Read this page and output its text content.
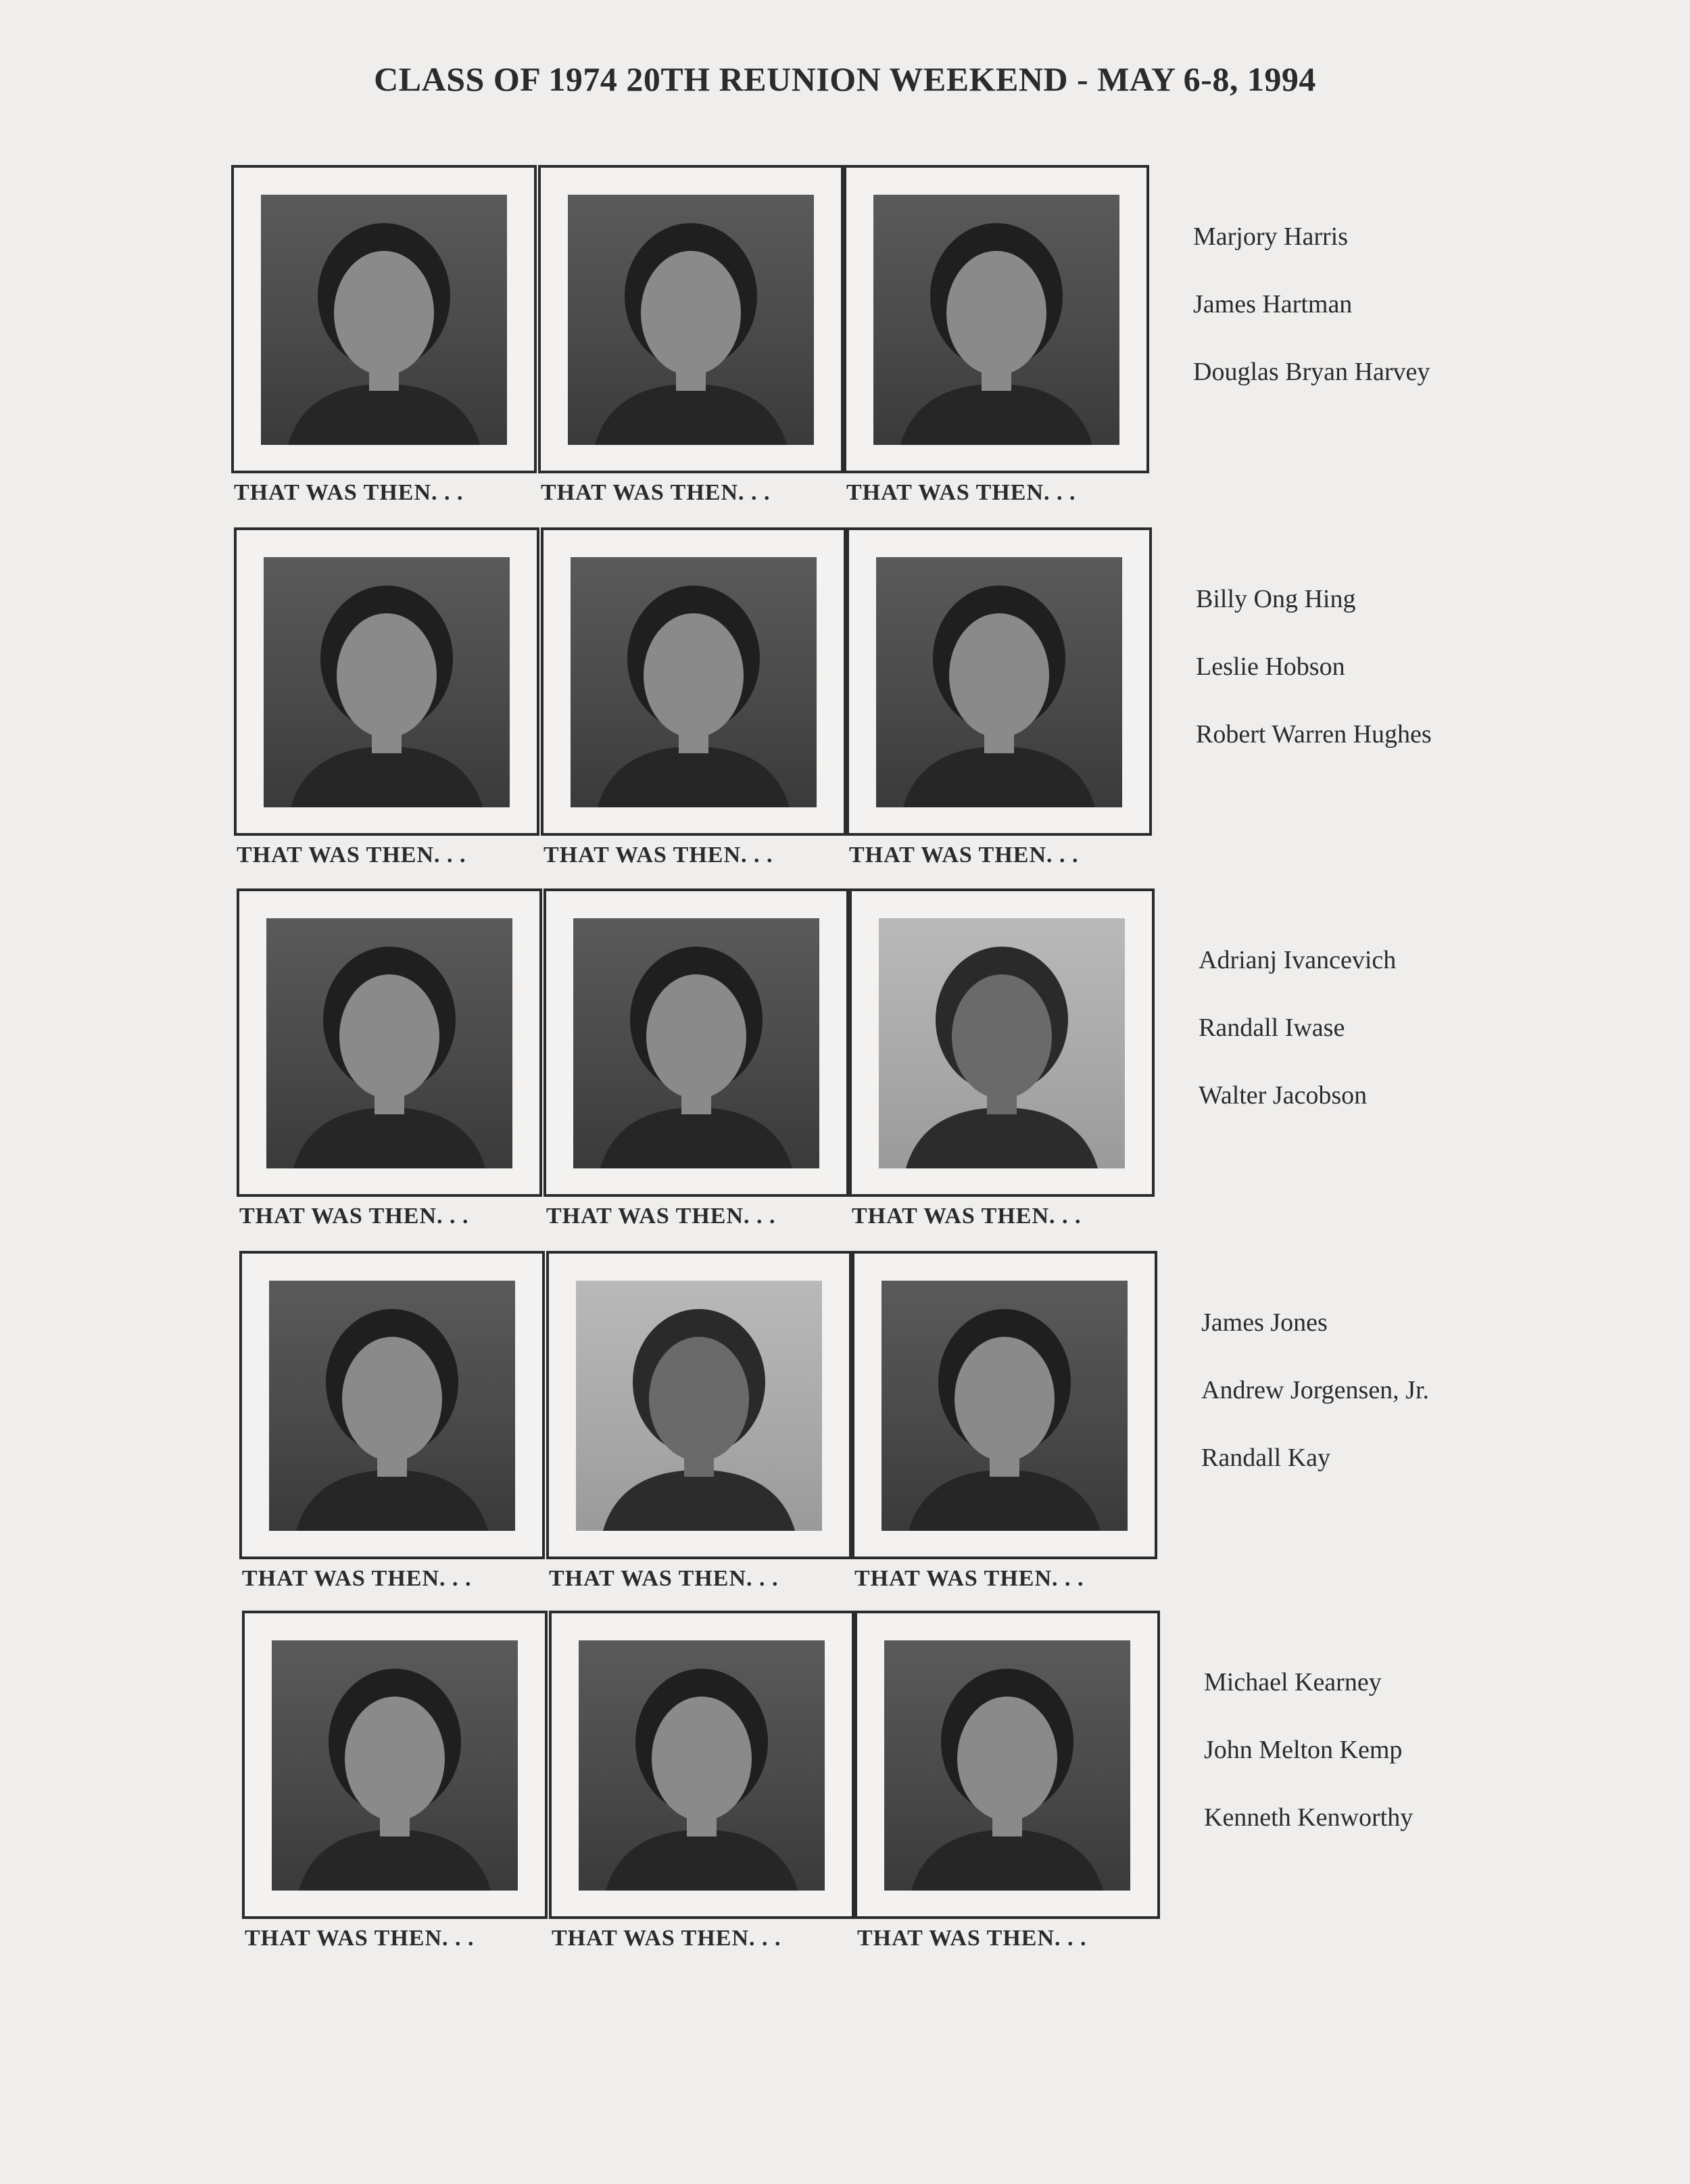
CLASS OF 1974 20TH REUNION WEEKEND - MAY 6-8, 1994
THAT WAS THEN. . .	THAT WAS THEN. . .	THAT WAS THEN. . .
Marjory Harris
James Hartman
Douglas Bryan Harvey
THAT WAS THEN. . .	THAT WAS THEN. . .	THAT WAS THEN. . .
Billy Ong Hing
Leslie Hobson
Robert Warren Hughes
THAT WAS THEN. . .	THAT WAS THEN. . .	THAT WAS THEN. . .
Adrianj Ivancevich
Randall Iwase
Walter Jacobson
THAT WAS THEN. . .	THAT WAS THEN. . .	THAT WAS THEN. . .
James Jones
Andrew Jorgensen, Jr.
Randall Kay
THAT WAS THEN. . .	THAT WAS THEN. . .	THAT WAS THEN. . .
Michael Kearney
John Melton Kemp
Kenneth Kenworthy
